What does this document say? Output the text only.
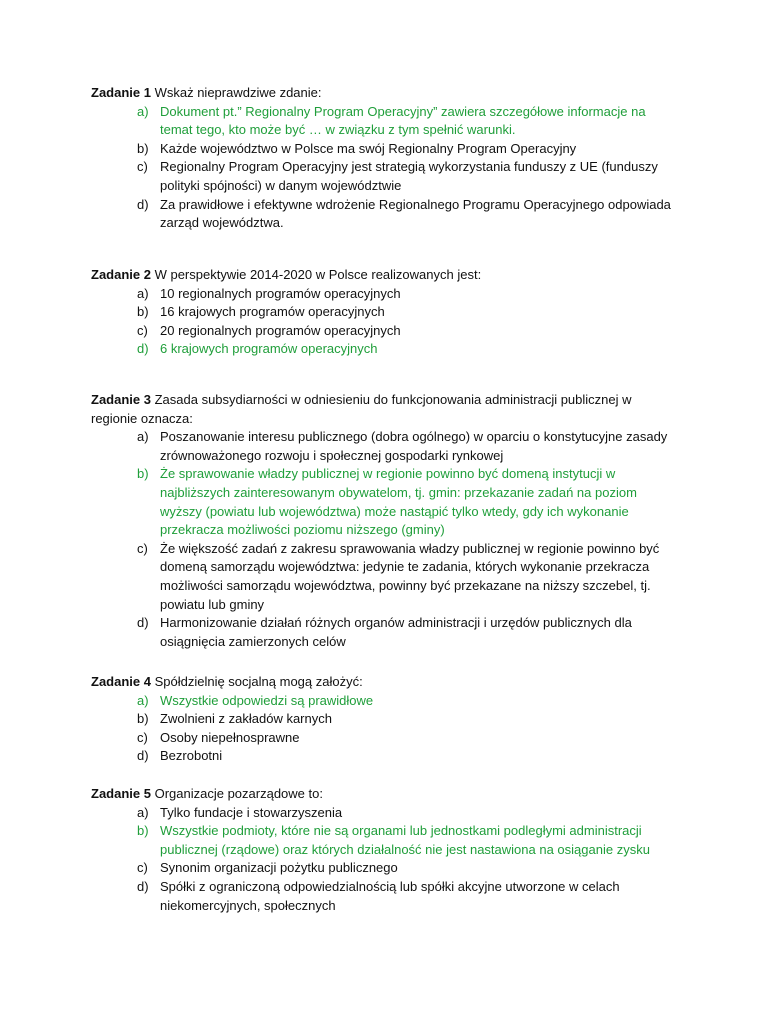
Zadanie 1 Wskaż nieprawdziwe zdanie:
a) Dokument pt.” Regionalny Program Operacyjny” zawiera szczegółowe informacje na temat tego, kto może być … w związku z tym spełnić warunki.
b) Każde województwo w Polsce ma swój Regionalny Program Operacyjny
c) Regionalny Program Operacyjny jest strategią wykorzystania funduszy z UE (funduszy polityki spójności) w danym województwie
d) Za prawidłowe i efektywne wdrożenie Regionalnego Programu Operacyjnego odpowiada zarząd województwa.
Zadanie 2 W perspektywie 2014-2020 w Polsce realizowanych jest:
a) 10 regionalnych programów operacyjnych
b) 16 krajowych programów operacyjnych
c) 20 regionalnych programów operacyjnych
d) 6 krajowych programów operacyjnych
Zadanie 3 Zasada subsydiarności w odniesieniu do funkcjonowania administracji publicznej w regionie oznacza:
a) Poszanowanie interesu publicznego (dobra ogólnego) w oparciu o konstytucyjne zasady zrównoważonego rozwoju i społecznej gospodarki rynkowej
b) Że sprawowanie władzy publicznej w regionie powinno być domeną instytucji w najbliższych zainteresowanym obywatelom, tj. gmin: przekazanie zadań na poziom wyższy (powiatu lub województwa) może nastąpić tylko wtedy, gdy ich wykonanie przekracza możliwości poziomu niższego (gminy)
c) Że większość zadań z zakresu sprawowania władzy publicznej w regionie powinno być domeną samorządu województwa: jedynie te zadania, których wykonanie przekracza możliwości samorządu województwa, powinny być przekazane na niższy szczebel, tj. powiatu lub gminy
d) Harmonizowanie działań różnych organów administracji i urzędów publicznych dla osiągnięcia zamierzonych celów
Zadanie 4 Spółdzielnię socjalną mogą założyć:
a) Wszystkie odpowiedzi są prawidłowe
b) Zwolnieni z zakładów karnych
c) Osoby niepełnosprawne
d) Bezrobotni
Zadanie 5 Organizacje pozarządowe to:
a) Tylko fundacje i stowarzyszenia
b) Wszystkie podmioty, które nie są organami lub jednostkami podległymi administracji publicznej (rządowe) oraz których działalność nie jest nastawiona na osiąganie zysku
c) Synonim organizacji pożytku publicznego
d) Spółki z ograniczoną odpowiedzialnością lub spółki akcyjne utworzone w celach niekomercyjnych, społecznych
